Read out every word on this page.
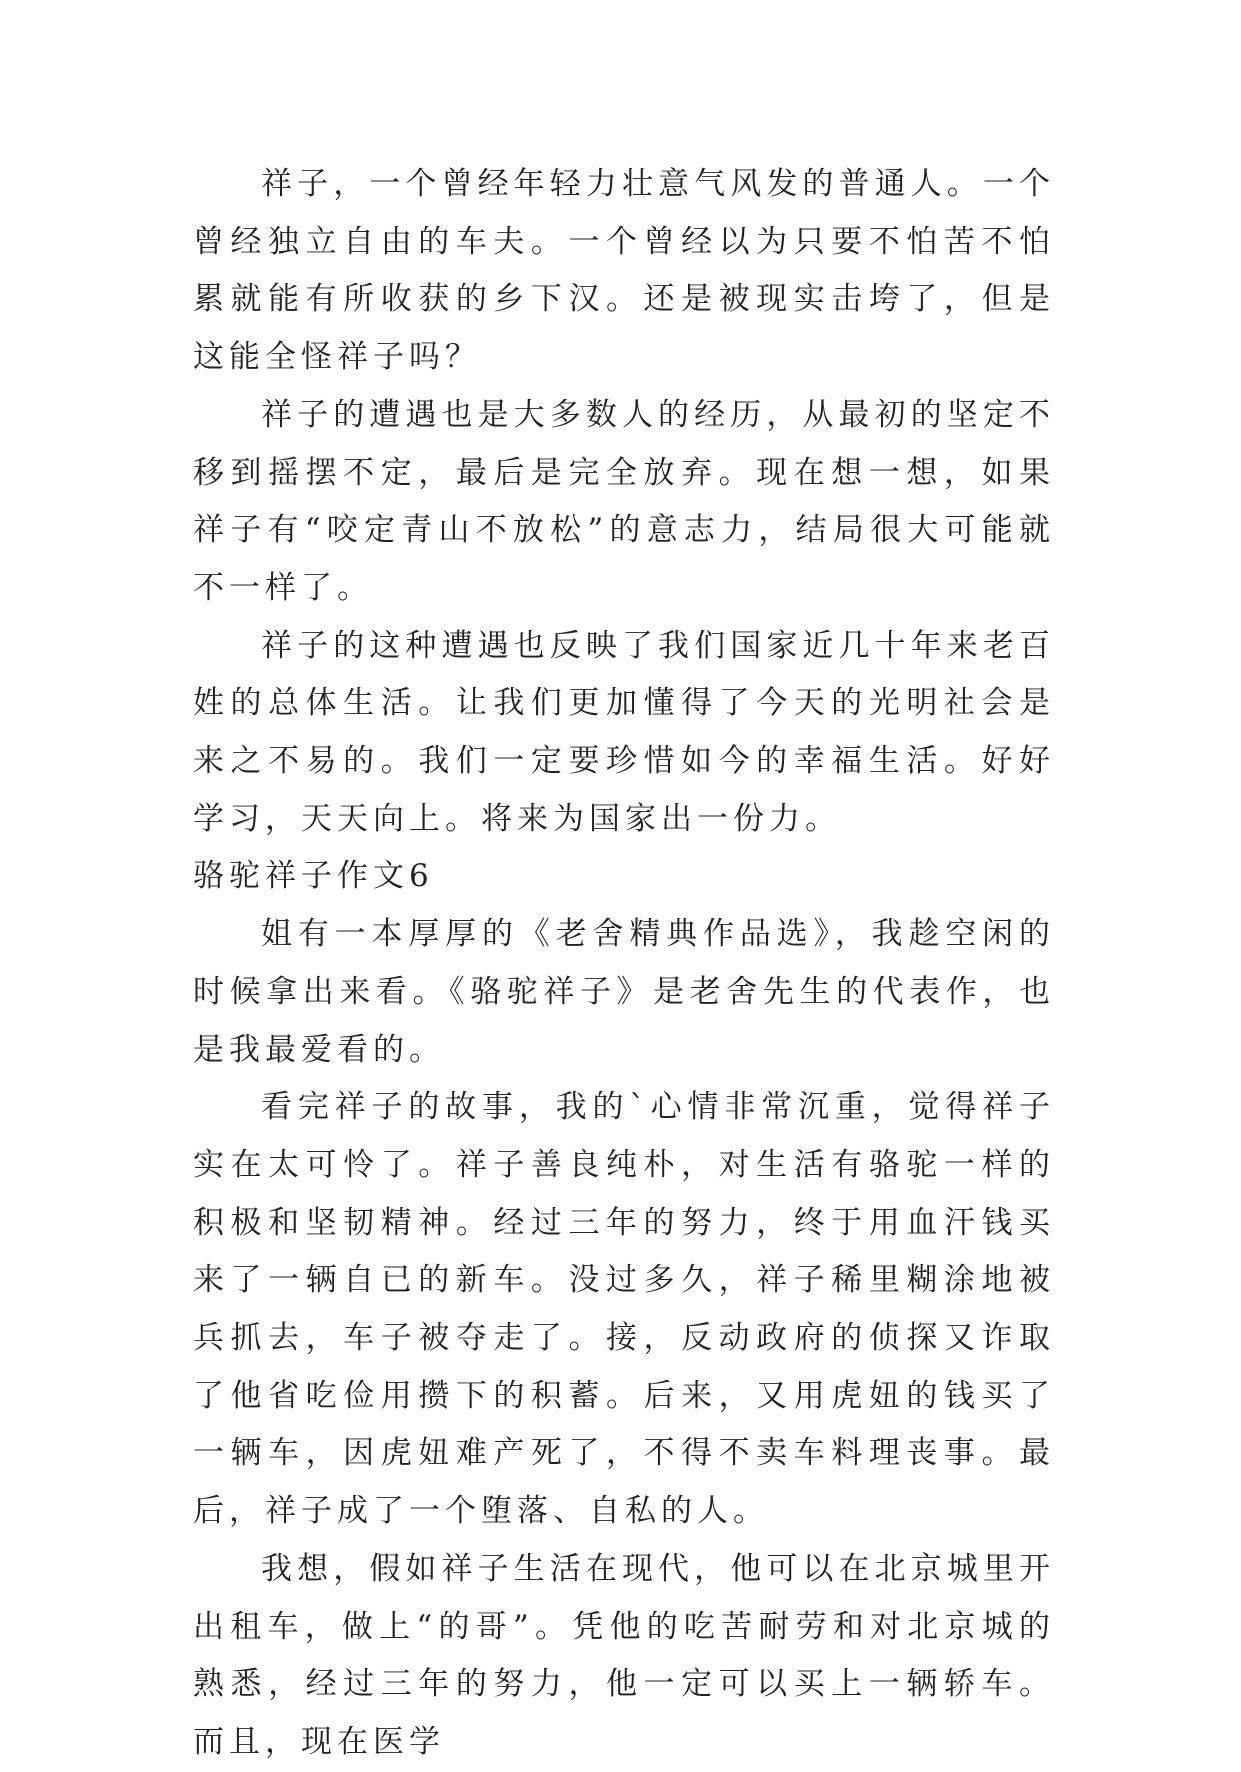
祥子，一个曾经年轻力壮意气风发的普通人。一个曾经独立自由的车夫。一个曾经以为只要不怕苦不怕累就能有所收获的乡下汉。还是被现实击垮了，但是这能全怪祥子吗？

祥子的遭遇也是大多数人的经历，从最初的坚定不移到摇摆不定，最后是完全放弃。现在想一想，如果祥子有“咬定青山不放松”的意志力，结局很大可能就不一样了。

祥子的这种遭遇也反映了我们国家近几十年来老百姓的总体生活。让我们更加懂得了今天的光明社会是来之不易的。我们一定要珍惜如今的幸福生活。好好学习，天天向上。将来为国家出一份力。

骆驼祥子作文6

姐有一本厚厚的《老舍精典作品选》，我趁空闲的时候拿出来看。《骆驼祥子》是老舍先生的代表作，也是我最爱看的。

看完祥子的故事，我的`心情非常沉重，觉得祥子实在太可怜了。祥子善良纯朴，对生活有骆驼一样的积极和坚韧精神。经过三年的努力，终于用血汗钱买来了一辆自已的新车。没过多久，祥子稀里糊涂地被兵抓去，车子被夺走了。接，反动政府的侦探又诈取了他省吃俭用攒下的积蓄。后来，又用虎妞的钱买了一辆车，因虎妞难产死了，不得不卖车料理丧事。最后，祥子成了一个堕落、自私的人。

我想，假如祥子生活在现代，他可以在北京城里开出租车，做上“的哥”。凭他的吃苦耐劳和对北京城的熟悉，经过三年的努力，他一定可以买上一辆轿车。而且，现在医学
